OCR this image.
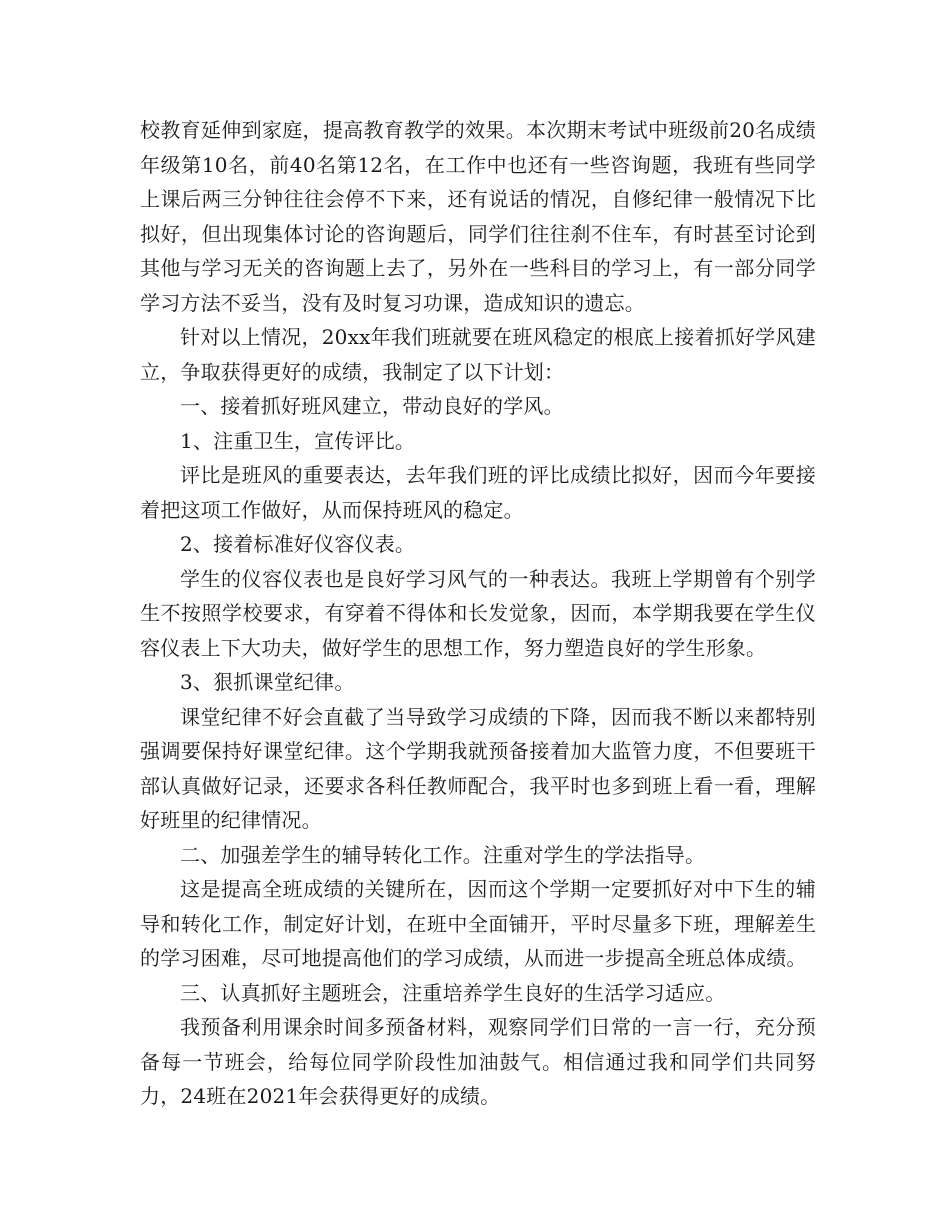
校教育延伸到家庭，提高教育教学的效果。本次期末考试中班级前20名成绩年级第10名，前40名第12名，在工作中也还有一些咨询题，我班有些同学上课后两三分钟往往会停不下来，还有说话的情况，自修纪律一般情况下比拟好，但出现集体讨论的咨询题后，同学们往往刹不住车，有时甚至讨论到其他与学习无关的咨询题上去了，另外在一些科目的学习上，有一部分同学学习方法不妥当，没有及时复习功课，造成知识的遗忘。

针对以上情况，20xx年我们班就要在班风稳定的根底上接着抓好学风建立，争取获得更好的成绩，我制定了以下计划：

一、接着抓好班风建立，带动良好的学风。

1、注重卫生，宣传评比。

评比是班风的重要表达，去年我们班的评比成绩比拟好，因而今年要接着把这项工作做好，从而保持班风的稳定。

2、接着标准好仪容仪表。

学生的仪容仪表也是良好学习风气的一种表达。我班上学期曾有个别学生不按照学校要求，有穿着不得体和长发觉象，因而，本学期我要在学生仪容仪表上下大功夫，做好学生的思想工作，努力塑造良好的学生形象。

3、狠抓课堂纪律。

课堂纪律不好会直截了当导致学习成绩的下降，因而我不断以来都特别强调要保持好课堂纪律。这个学期我就预备接着加大监管力度，不但要班干部认真做好记录，还要求各科任教师配合，我平时也多到班上看一看，理解好班里的纪律情况。

二、加强差学生的辅导转化工作。注重对学生的学法指导。

这是提高全班成绩的关键所在，因而这个学期一定要抓好对中下生的辅导和转化工作，制定好计划，在班中全面铺开，平时尽量多下班，理解差生的学习困难，尽可地提高他们的学习成绩，从而进一步提高全班总体成绩。

三、认真抓好主题班会，注重培养学生良好的生活学习适应。

我预备利用课余时间多预备材料，观察同学们日常的一言一行，充分预备每一节班会，给每位同学阶段性加油鼓气。相信通过我和同学们共同努力，24班在2021年会获得更好的成绩。
